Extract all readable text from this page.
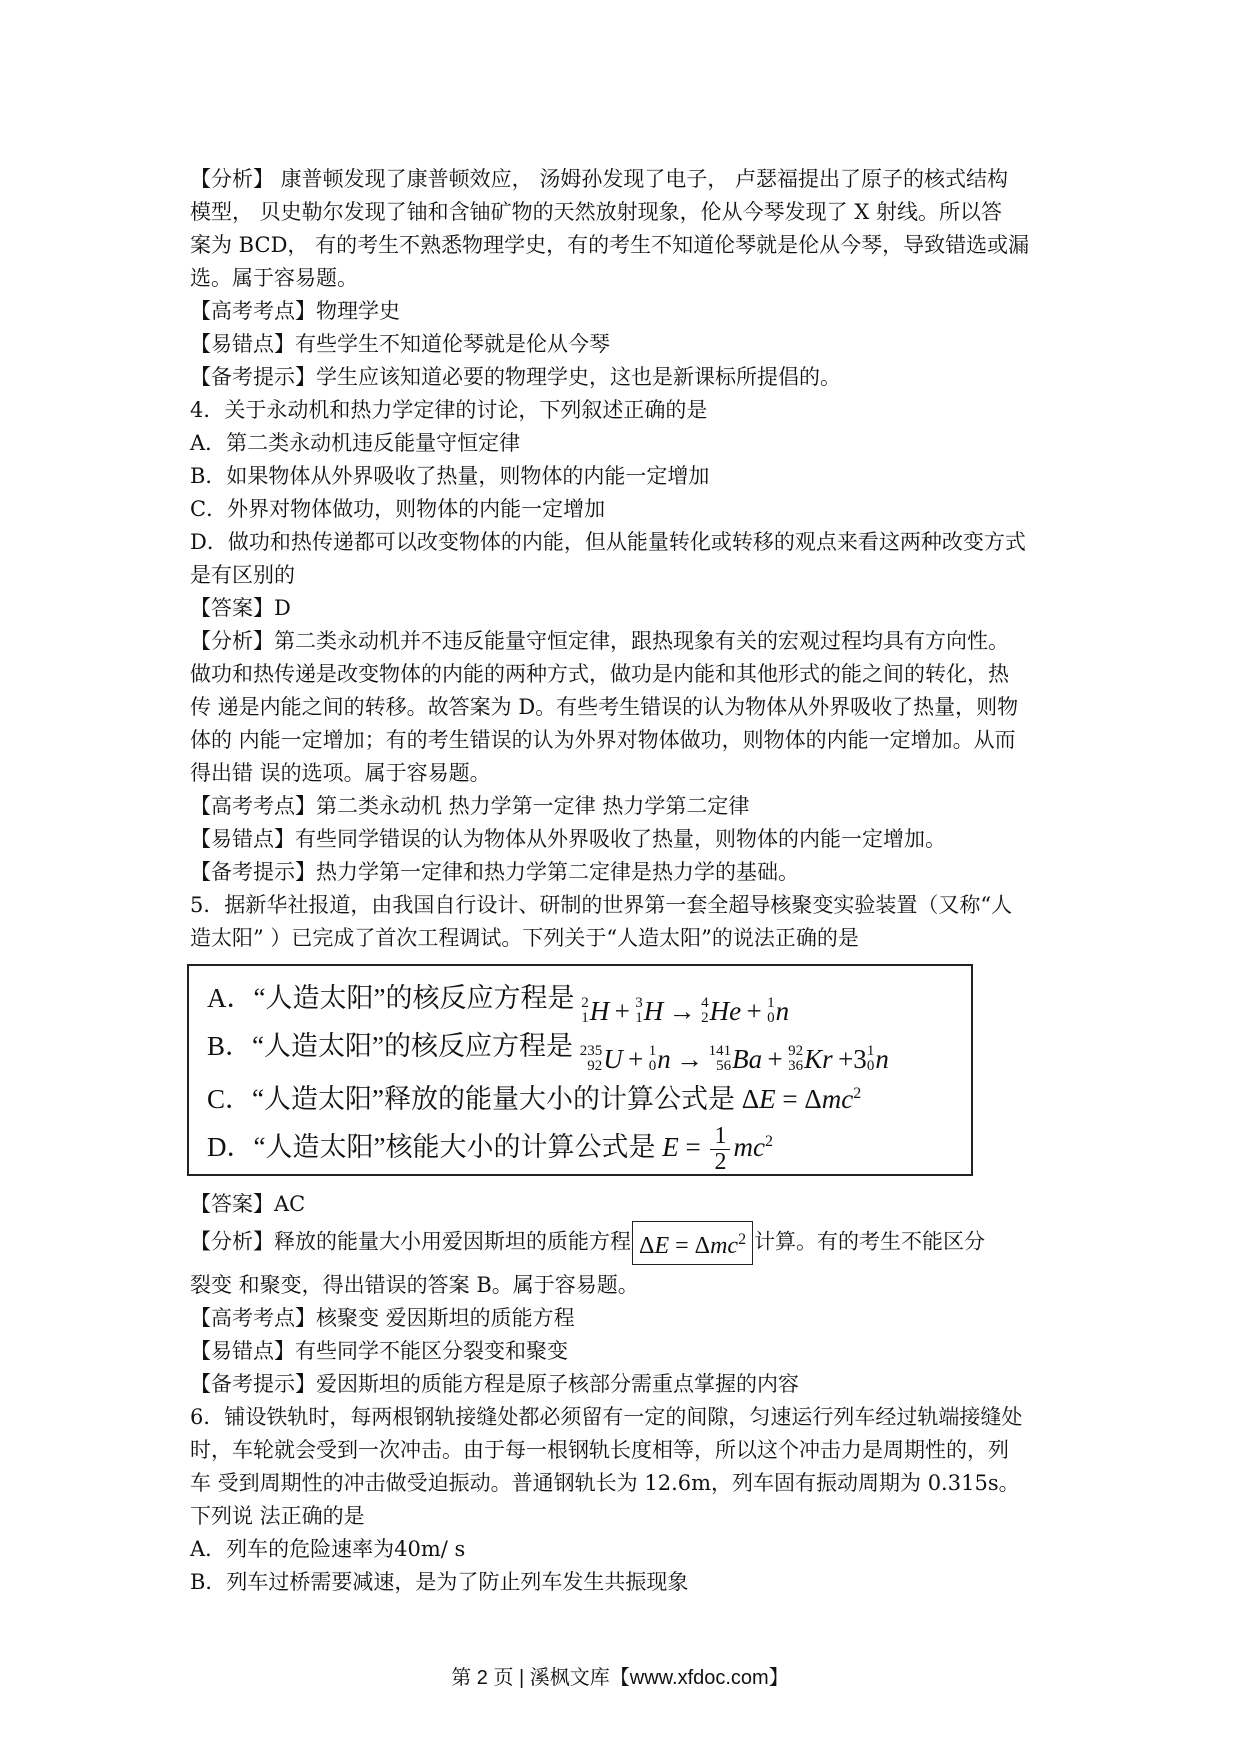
【分析】 康普顿发现了康普顿效应， 汤姆孙发现了电子， 卢瑟福提出了原子的核式结构

模型， 贝史勒尔发现了铀和含铀矿物的天然放射现象，伦从今琴发现了 X 射线。所以答

案为 BCD， 有的考生不熟悉物理学史，有的考生不知道伦琴就是伦从今琴，导致错选或漏

选。属于容易题。

【高考考点】物理学史

【易错点】有些学生不知道伦琴就是伦从今琴

【备考提示】学生应该知道必要的物理学史，这也是新课标所提倡的。

4．关于永动机和热力学定律的讨论，下列叙述正确的是

A．第二类永动机违反能量守恒定律

B．如果物体从外界吸收了热量，则物体的内能一定增加

C．外界对物体做功，则物体的内能一定增加

D．做功和热传递都可以改变物体的内能，但从能量转化或转移的观点来看这两种改变方式

是有区别的

【答案】D

【分析】第二类永动机并不违反能量守恒定律，跟热现象有关的宏观过程均具有方向性。

做功和热传递是改变物体的内能的两种方式，做功是内能和其他形式的能之间的转化，热

传 递是内能之间的转移。故答案为 D。有些考生错误的认为物体从外界吸收了热量，则物

体的 内能一定增加；有的考生错误的认为外界对物体做功，则物体的内能一定增加。从而

得出错 误的选项。属于容易题。

【高考考点】第二类永动机 热力学第一定律 热力学第二定律

【易错点】有些同学错误的认为物体从外界吸收了热量，则物体的内能一定增加。

【备考提示】热力学第一定律和热力学第二定律是热力学的基础。

5．据新华社报道，由我国自行设计、研制的世界第一套全超导核聚变实验装置（又称“人

造太阳” ）已完成了首次工程调试。下列关于“人造太阳”的说法正确的是

A．“人造太阳”的核反应方程是 2
1 H  +  3
1 H  →  4
2 He  +  1
0 n
B．“人造太阳”的核反应方程是 235
92 U  +  1
0 n  →  141
56 Ba  +  92
36 Kr  +3 1
0 n
C．“人造太阳”释放的能量大小的计算公式是 ΔE = Δmc$^2$
D．“人造太阳”核能大小的计算公式是 $E = \frac{1}{2} mc^2$

【答案】AC

【分析】释放的能量大小用爱因斯坦的质能方程 ΔE = Δmc$^2$ 计算。有的考生不能区分

裂变 和聚变，得出错误的答案 B。属于容易题。

【高考考点】核聚变 爱因斯坦的质能方程

【易错点】有些同学不能区分裂变和聚变

【备考提示】爱因斯坦的质能方程是原子核部分需重点掌握的内容

6．铺设铁轨时，每两根钢轨接缝处都必须留有一定的间隙，匀速运行列车经过轨端接缝处

时，车轮就会受到一次冲击。由于每一根钢轨长度相等，所以这个冲击力是周期性的，列

车 受到周期性的冲击做受迫振动。普通钢轨长为 12.6m，列车固有振动周期为 0.315s。

下列说 法正确的是

A．列车的危险速率为40m/ s

B．列车过桥需要减速，是为了防止列车发生共振现象

第 2 页 | 溪枫文库【www.xfdoc.com】
